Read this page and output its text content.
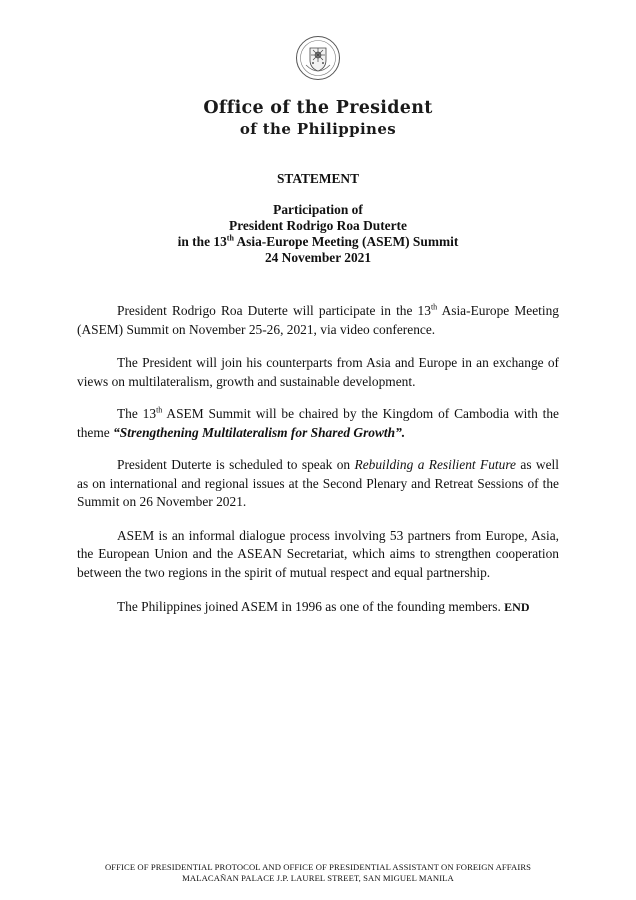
Office of the President
of the Philippines
STATEMENT
Participation of
President Rodrigo Roa Duterte
in the 13th Asia-Europe Meeting (ASEM) Summit
24 November 2021

President Rodrigo Roa Duterte will participate in the 13th Asia-Europe Meeting (ASEM) Summit on November 25-26, 2021, via video conference.

The President will join his counterparts from Asia and Europe in an exchange of views on multilateralism, growth and sustainable development.

The 13th ASEM Summit will be chaired by the Kingdom of Cambodia with the theme “Strengthening Multilateralism for Shared Growth”.

President Duterte is scheduled to speak on Rebuilding a Resilient Future as well as on international and regional issues at the Second Plenary and Retreat Sessions of the Summit on 26 November 2021.

ASEM is an informal dialogue process involving 53 partners from Europe, Asia, the European Union and the ASEAN Secretariat, which aims to strengthen cooperation between the two regions in the spirit of mutual respect and equal partnership.

The Philippines joined ASEM in 1996 as one of the founding members. END

OFFICE OF PRESIDENTIAL PROTOCOL AND OFFICE OF PRESIDENTIAL ASSISTANT ON FOREIGN AFFAIRS
MALACAÑAN PALACE J.P. LAUREL STREET, SAN MIGUEL MANILA
